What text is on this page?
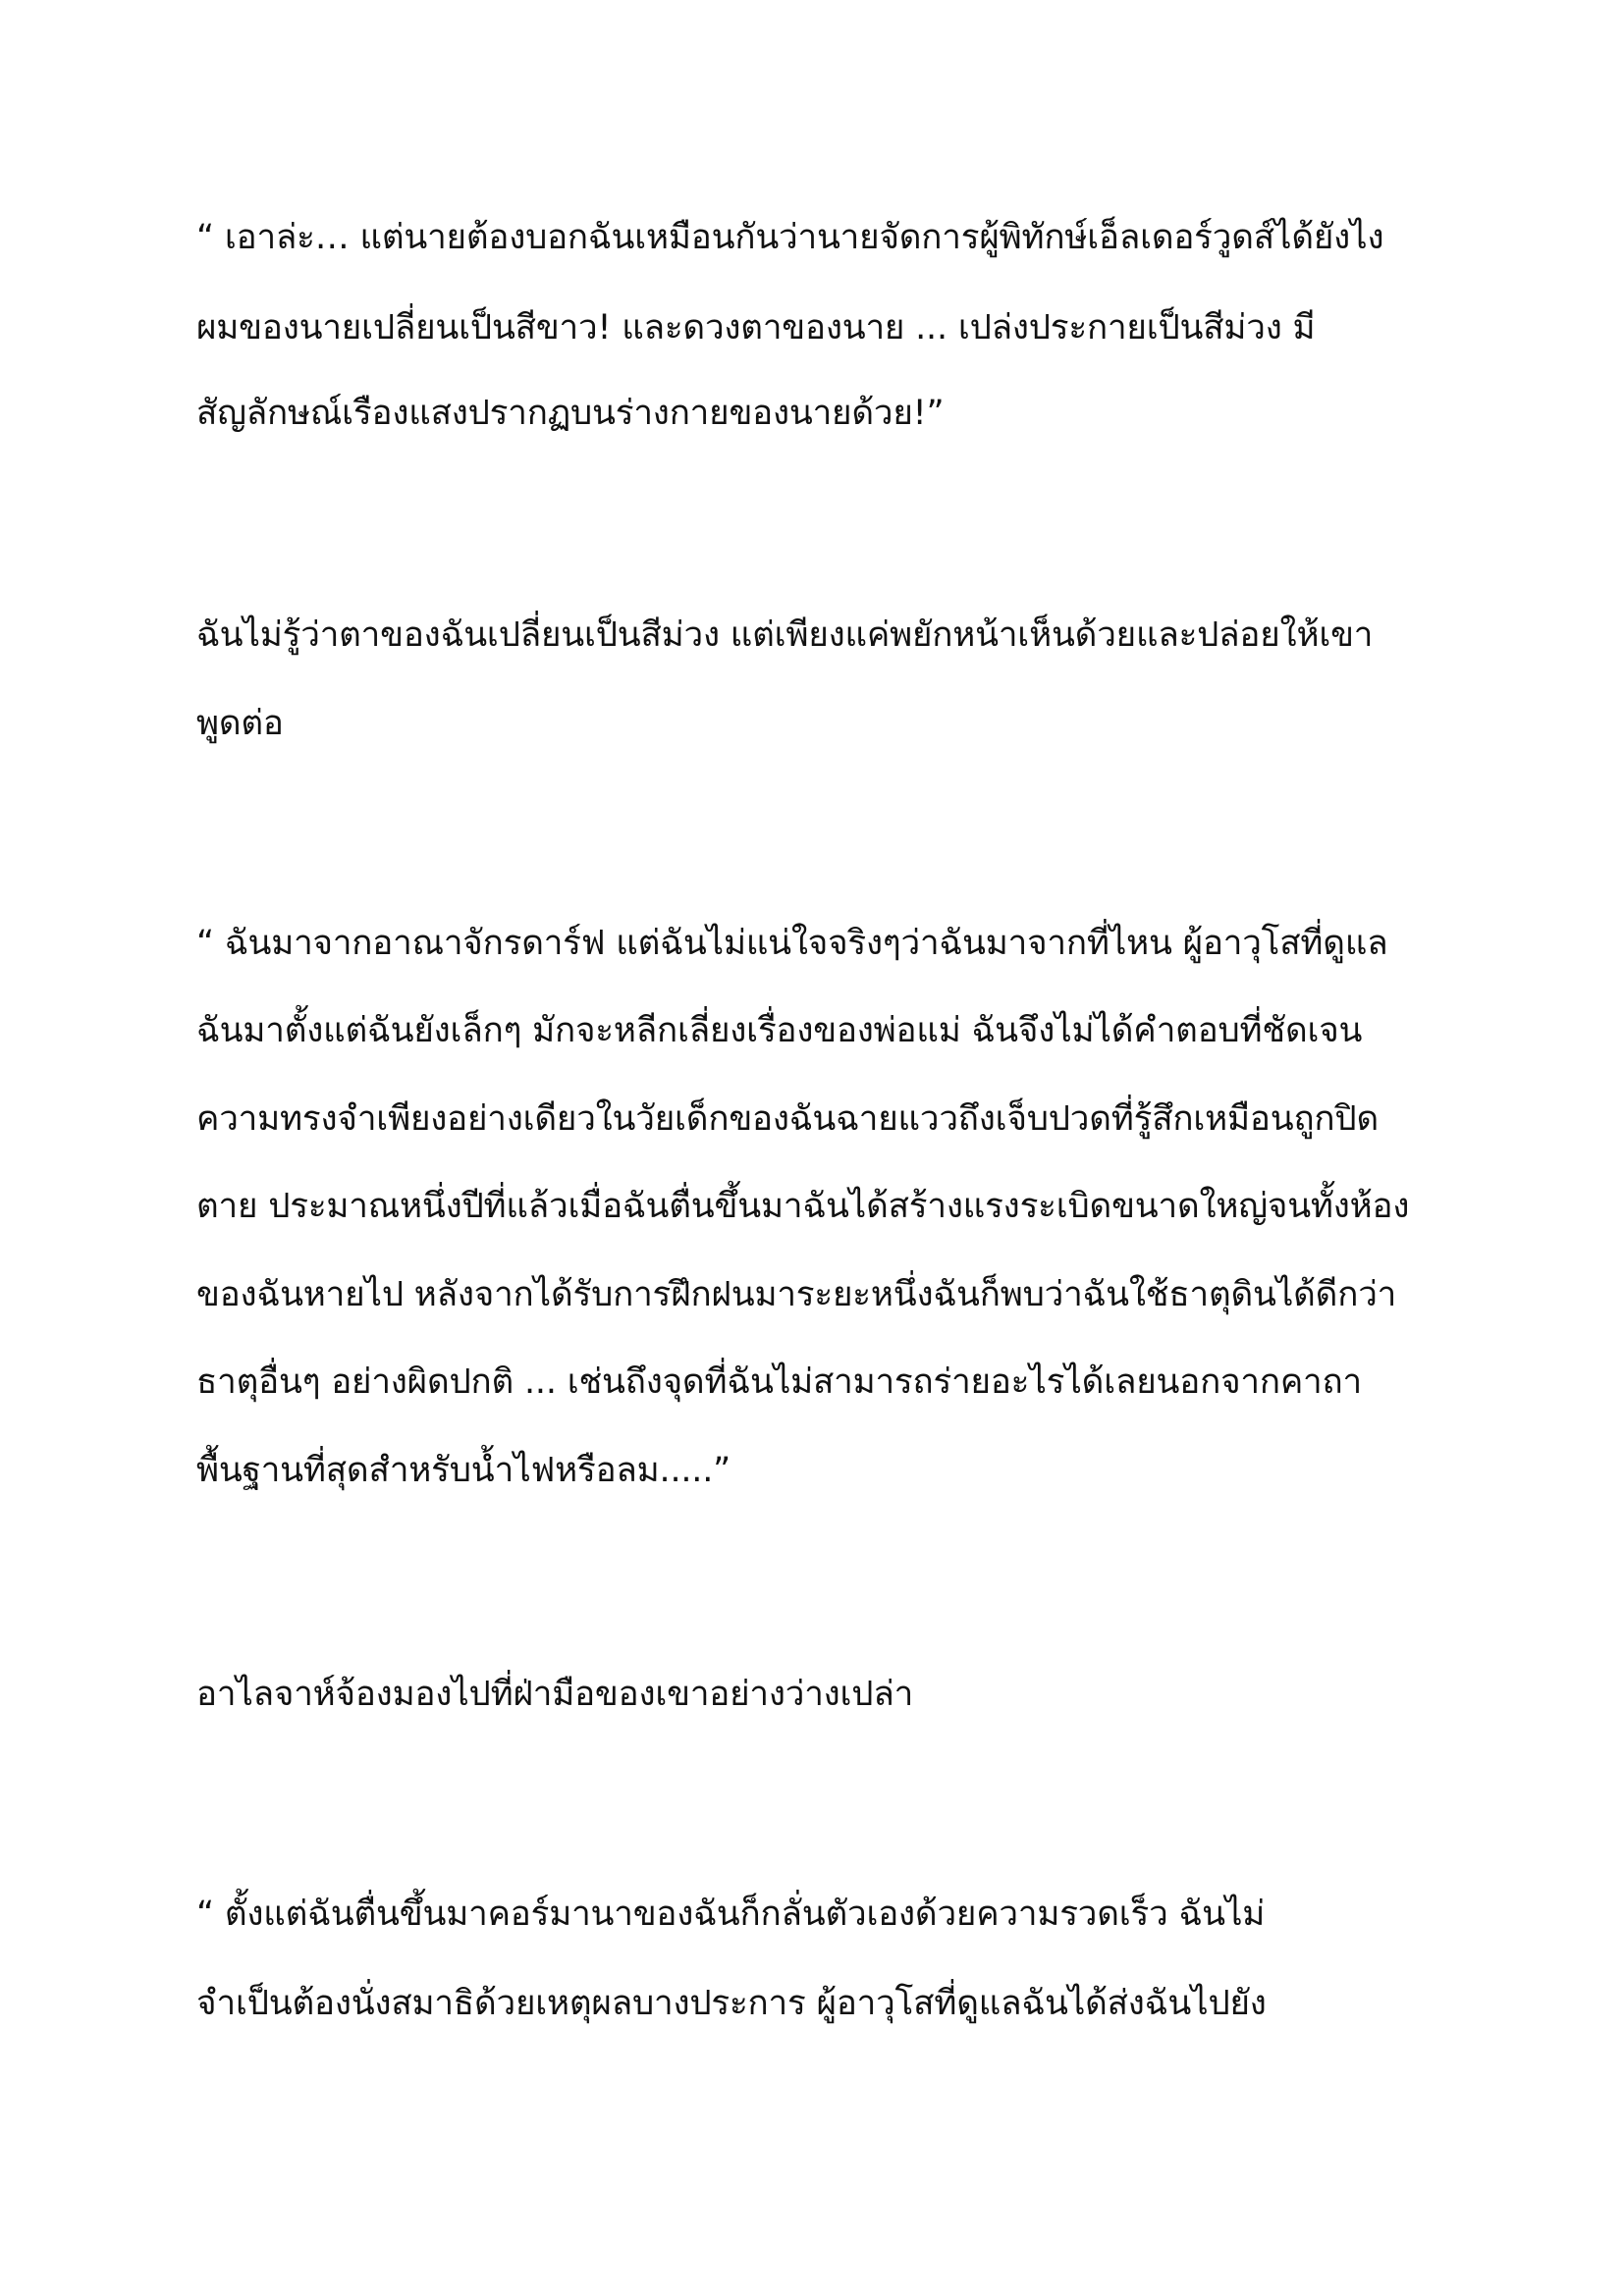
“ เอาล่ะ… แต่นายต้องบอกฉันเหมือนกันว่านายจัดการผู้พิทักษ์เอ็ลเดอร์วูดส์ได้ยังไง
ผมของนายเปลี่ยนเป็นสีขาว! และดวงตาของนาย ... เปล่งประกายเป็นสีม่วง มี
สัญลักษณ์เรืองแสงปรากฏบนร่างกายของนายด้วย!”
ฉันไม่รู้ว่าตาของฉันเปลี่ยนเป็นสีม่วง แต่เพียงแค่พยักหน้าเห็นด้วยและปล่อยให้เขา
พูดต่อ
“ ฉันมาจากอาณาจักรดาร์ฟ แต่ฉันไม่แน่ใจจริงๆว่าฉันมาจากที่ไหน ผู้อาวุโสที่ดูแล
ฉันมาตั้งแต่ฉันยังเล็กๆ มักจะหลีกเลี่ยงเรื่องของพ่อแม่ ฉันจึงไม่ได้คำตอบที่ชัดเจน
ความทรงจำเพียงอย่างเดียวในวัยเด็กของฉันฉายแววถึงเจ็บปวดที่รู้สึกเหมือนถูกปิด
ตาย ประมาณหนึ่งปีที่แล้วเมื่อฉันตื่นขึ้นมาฉันได้สร้างแรงระเบิดขนาดใหญ่จนทั้งห้อง
ของฉันหายไป หลังจากได้รับการฝึกฝนมาระยะหนึ่งฉันก็พบว่าฉันใช้ธาตุดินได้ดีกว่า
ธาตุอื่นๆ อย่างผิดปกติ ... เช่นถึงจุดที่ฉันไม่สามารถร่ายอะไรได้เลยนอกจากคาถา
พื้นฐานที่สุดสำหรับน้ำไฟหรือลม.....”
อาไลจาห์จ้องมองไปที่ฝ่ามือของเขาอย่างว่างเปล่า
“ ตั้งแต่ฉันตื่นขึ้นมาคอร์มานาของฉันก็กลั่นตัวเองด้วยความรวดเร็ว ฉันไม่
จำเป็นต้องนั่งสมาธิด้วยเหตุผลบางประการ ผู้อาวุโสที่ดูแลฉันได้ส่งฉันไปยัง
